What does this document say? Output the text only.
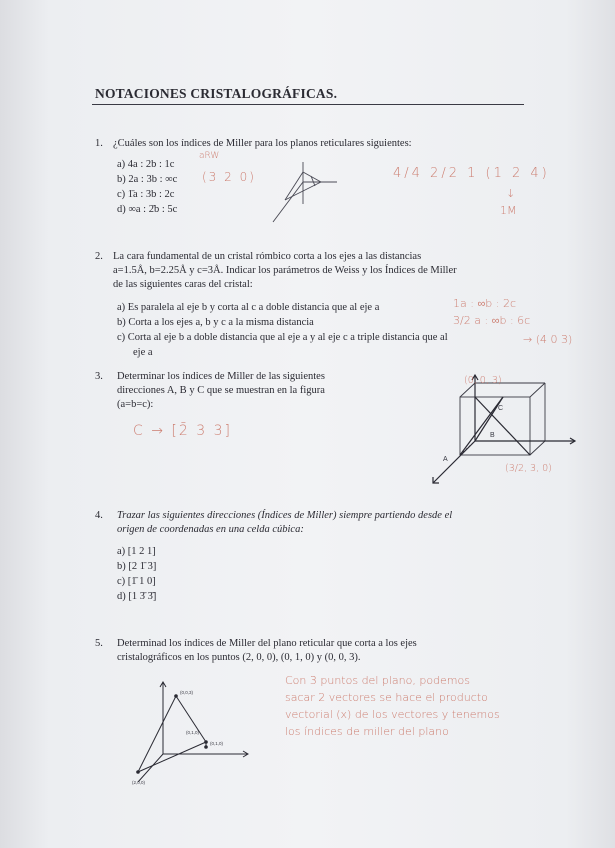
NOTACIONES CRISTALOGRÁFICAS.
1. ¿Cuáles son los índices de Miller para los planos reticulares siguientes:
a) 4a : 2b : 1c
b) 2a : 3b : ∞c
c) 1̄a : 3b : 2c
d) ∞a : 2̄b : 5c
aRW
(3 2 0)	4/4 2/2 1 (1 2 4)
↓
1M
2. La cara fundamental de un cristal rómbico corta a los ejes a las distancias
a=1.5Å, b=2.25Å y c=3Å. Indicar los parámetros de Weiss y los Índices de Miller
de las siguientes caras del cristal:
a) Es paralela al eje b y corta al c a doble distancia que al eje a
b) Corta a los ejes a, b y c a la misma distancia
c) Corta al eje b a doble distancia que al eje a y al eje c a triple distancia que al
eje a
1a : ∞b : 2c
3/2 a : ∞b : 6c
→ (4 0 3)
3. Determinar los índices de Miller de las siguientes
direcciones A, B y C que se muestran en la figura
(a=b=c):
C → [2̄ 3 3]
C
B
A
(0, 0, 3)
(3/2, 3, 0)
4. Trazar las siguientes direcciones (Índices de Miller) siempre partiendo desde el
origen de coordenadas en una celda cúbica:
a) [1 2 1]
b) [2 1̄ 3]
c) [1̄ 1 0]
d) [1 3̄ 3̄]
5. Determinad los índices de Miller del plano reticular que corta a los ejes
cristalográficos en los puntos (2, 0, 0), (0, 1, 0) y (0, 0, 3).
(0,0,3)
(0,1,0)
(0,1,0)
(2,0,0)
Con 3 puntos del plano, podemos
sacar 2 vectores se hace el producto
vectorial (x) de los vectores y tenemos
los índices de miller del plano
